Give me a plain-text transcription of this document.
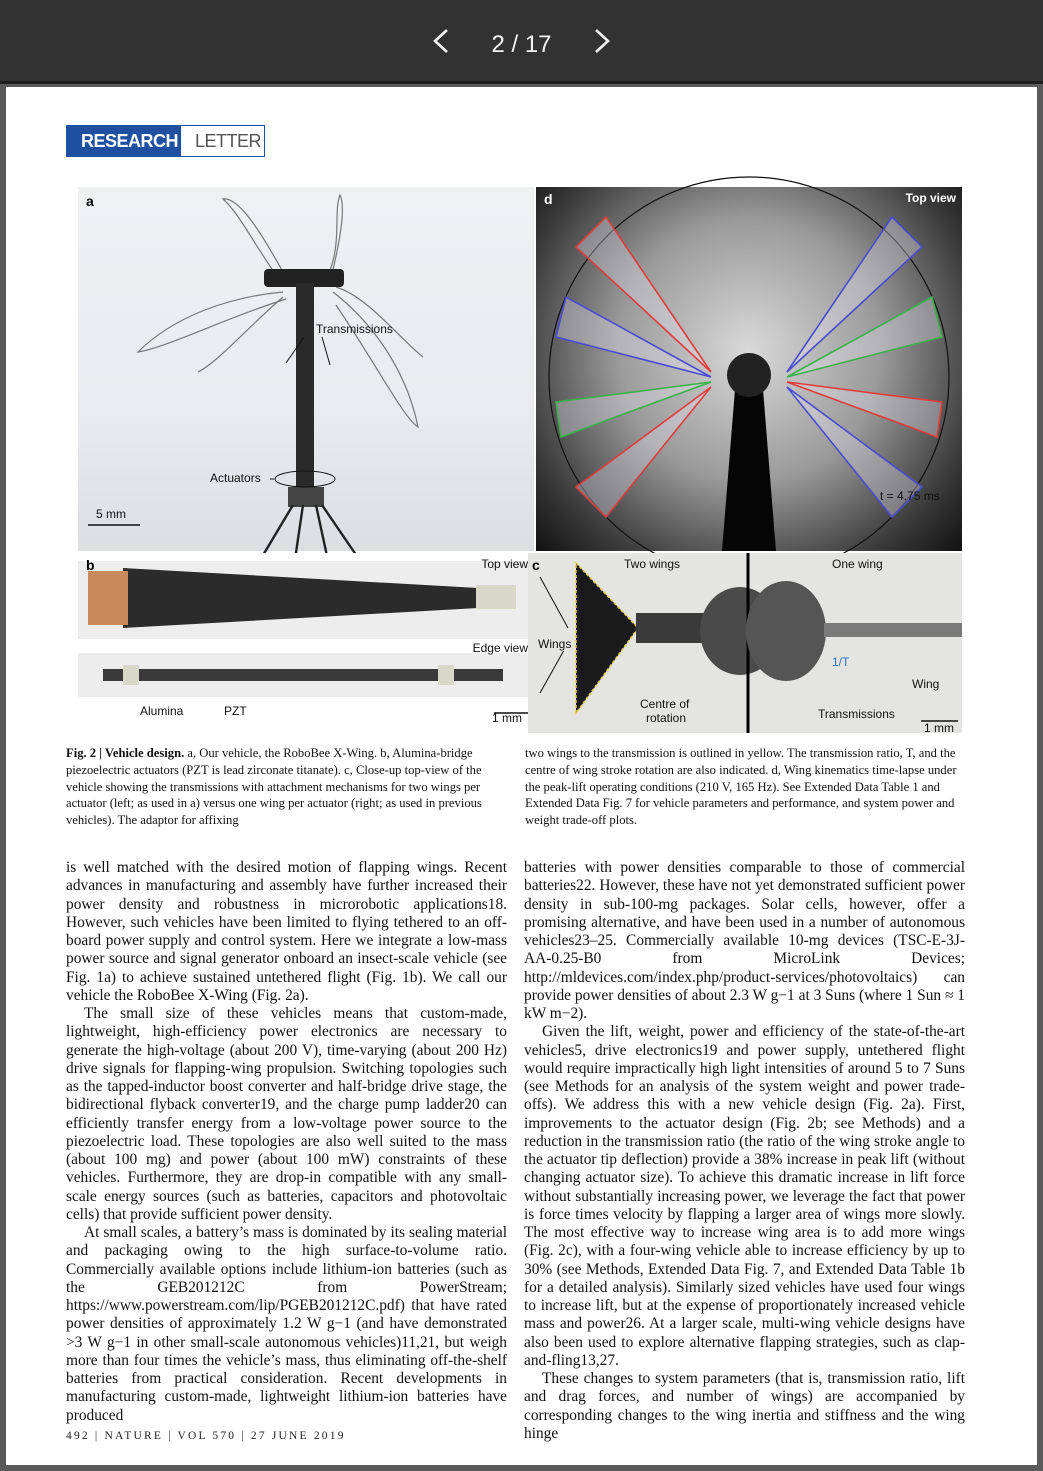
2 / 17
RESEARCH LETTER
a
Transmissions
Actuators
5 mm
d	Top view
t = 4.75 ms
b	Top view
Edge view
Alumina	PZT	1 mm
c	Two wings	One wing
Wings
Centre of
rotation
1/T
Wing
Transmissions
1 mm
Fig. 2 | Vehicle design. a, Our vehicle, the RoboBee X-Wing. b, Alumina-bridge piezoelectric actuators (PZT is lead zirconate titanate). c, Close-up top-view of the vehicle showing the transmissions with attachment mechanisms for two wings per actuator (left; as used in a) versus one wing per actuator (right; as used in previous vehicles). The adaptor for affixing
two wings to the transmission is outlined in yellow. The transmission ratio, T, and the centre of wing stroke rotation are also indicated. d, Wing kinematics time-lapse under the peak-lift operating conditions (210 V, 165 Hz). See Extended Data Table 1 and Extended Data Fig. 7 for vehicle parameters and performance, and system power and weight trade-off plots.

is well matched with the desired motion of flapping wings. Recent advances in manufacturing and assembly have further increased their power density and robustness in microrobotic applications18. However, such vehicles have been limited to flying tethered to an off-board power supply and control system. Here we integrate a low-mass power source and signal generator onboard an insect-scale vehicle (see Fig. 1a) to achieve sustained untethered flight (Fig. 1b). We call our vehicle the RoboBee X-Wing (Fig. 2a).

The small size of these vehicles means that custom-made, lightweight, high-efficiency power electronics are necessary to generate the high-voltage (about 200 V), time-varying (about 200 Hz) drive signals for flapping-wing propulsion. Switching topologies such as the tapped-inductor boost converter and half-bridge drive stage, the bidirectional flyback converter19, and the charge pump ladder20 can efficiently transfer energy from a low-voltage power source to the piezoelectric load. These topologies are also well suited to the mass (about 100 mg) and power (about 100 mW) constraints of these vehicles. Furthermore, they are drop-in compatible with any small-scale energy sources (such as batteries, capacitors and photovoltaic cells) that provide sufficient power density.

At small scales, a battery’s mass is dominated by its sealing material and packaging owing to the high surface-to-volume ratio. Commercially available options include lithium-ion batteries (such as the GEB201212C from PowerStream; https://www.powerstream.com/lip/PGEB201212C.pdf) that have rated power densities of approximately 1.2 W g−1 (and have demonstrated >3 W g−1 in other small-scale autonomous vehicles)11,21, but weigh more than four times the vehicle’s mass, thus eliminating off-the-shelf batteries from practical consideration. Recent developments in manufacturing custom-made, lightweight lithium-ion batteries have produced

batteries with power densities comparable to those of commercial batteries22. However, these have not yet demonstrated sufficient power density in sub-100-mg packages. Solar cells, however, offer a promising alternative, and have been used in a number of autonomous vehicles23–25. Commercially available 10-mg devices (TSC-E-3J-AA-0.25-B0 from MicroLink Devices; http://mldevices.com/index.php/product-services/photovoltaics) can provide power densities of about 2.3 W g−1 at 3 Suns (where 1 Sun ≈ 1 kW m−2).

Given the lift, weight, power and efficiency of the state-of-the-art vehicles5, drive electronics19 and power supply, untethered flight would require impractically high light intensities of around 5 to 7 Suns (see Methods for an analysis of the system weight and power trade-offs). We address this with a new vehicle design (Fig. 2a). First, improvements to the actuator design (Fig. 2b; see Methods) and a reduction in the transmission ratio (the ratio of the wing stroke angle to the actuator tip deflection) provide a 38% increase in peak lift (without changing actuator size). To achieve this dramatic increase in lift force without substantially increasing power, we leverage the fact that power is force times velocity by flapping a larger area of wings more slowly. The most effective way to increase wing area is to add more wings (Fig. 2c), with a four-wing vehicle able to increase efficiency by up to 30% (see Methods, Extended Data Fig. 7, and Extended Data Table 1b for a detailed analysis). Similarly sized vehicles have used four wings to increase lift, but at the expense of proportionately increased vehicle mass and power26. At a larger scale, multi-wing vehicle designs have also been used to explore alternative flapping strategies, such as clap-and-fling13,27.

These changes to system parameters (that is, transmission ratio, lift and drag forces, and number of wings) are accompanied by corresponding changes to the wing inertia and stiffness and the wing hinge

492 | NATURE | VOL 570 | 27 JUNE 2019
